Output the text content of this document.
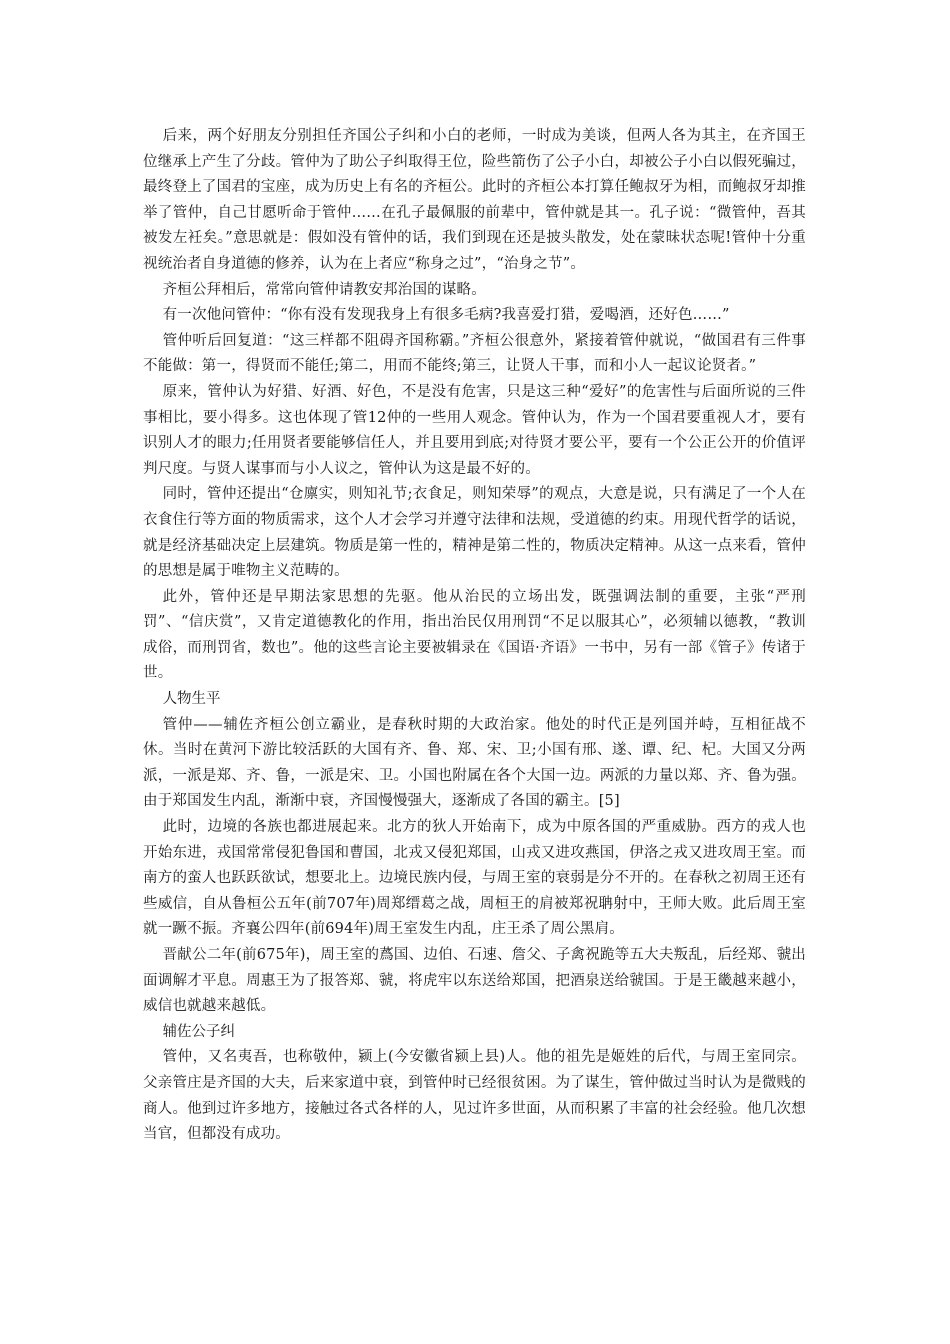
后来，两个好朋友分别担任齐国公子纠和小白的老师，一时成为美谈，但两人各为其主，在齐国王位继承上产生了分歧。管仲为了助公子纠取得王位，险些箭伤了公子小白，却被公子小白以假死骗过，最终登上了国君的宝座，成为历史上有名的齐桓公。此时的齐桓公本打算任鲍叔牙为相，而鲍叔牙却推举了管仲，自己甘愿听命于管仲……在孔子最佩服的前辈中，管仲就是其一。孔子说：“微管仲，吾其被发左衽矣。”意思就是：假如没有管仲的话，我们到现在还是披头散发，处在蒙昧状态呢!管仲十分重视统治者自身道德的修养，认为在上者应“称身之过”，“治身之节”。

齐桓公拜相后，常常向管仲请教安邦治国的谋略。

有一次他问管仲：“你有没有发现我身上有很多毛病?我喜爱打猎，爱喝酒，还好色……”

管仲听后回复道：“这三样都不阻碍齐国称霸。”齐桓公很意外，紧接着管仲就说，“做国君有三件事不能做：第一，得贤而不能任;第二，用而不能终;第三，让贤人干事，而和小人一起议论贤者。”

原来，管仲认为好猎、好酒、好色，不是没有危害，只是这三种“爱好”的危害性与后面所说的三件事相比，要小得多。这也体现了管12仲的一些用人观念。管仲认为，作为一个国君要重视人才，要有识别人才的眼力;任用贤者要能够信任人，并且要用到底;对待贤才要公平，要有一个公正公开的价值评判尺度。与贤人谋事而与小人议之，管仲认为这是最不好的。

同时，管仲还提出“仓廪实，则知礼节;衣食足，则知荣辱”的观点，大意是说，只有满足了一个人在衣食住行等方面的物质需求，这个人才会学习并遵守法律和法规，受道德的约束。用现代哲学的话说，就是经济基础决定上层建筑。物质是第一性的，精神是第二性的，物质决定精神。从这一点来看，管仲的思想是属于唯物主义范畴的。

此外，管仲还是早期法家思想的先驱。他从治民的立场出发，既强调法制的重要，主张“严刑罚”、“信庆赏”，又肯定道德教化的作用，指出治民仅用刑罚“不足以服其心”，必须辅以德教，“教训成俗，而刑罚省，数也”。他的这些言论主要被辑录在《国语·齐语》一书中，另有一部《管子》传诸于世。

人物生平

管仲——辅佐齐桓公创立霸业，是春秋时期的大政治家。他处的时代正是列国并峙，互相征战不休。当时在黄河下游比较活跃的大国有齐、鲁、郑、宋、卫;小国有邢、遂、谭、纪、杞。大国又分两派，一派是郑、齐、鲁，一派是宋、卫。小国也附属在各个大国一边。两派的力量以郑、齐、鲁为强。由于郑国发生内乱，渐渐中衰，齐国慢慢强大，逐渐成了各国的霸主。[5]

此时，边境的各族也都进展起来。北方的狄人开始南下，成为中原各国的严重威胁。西方的戎人也开始东进，戎国常常侵犯鲁国和曹国，北戎又侵犯郑国，山戎又进攻燕国，伊洛之戎又进攻周王室。而南方的蛮人也跃跃欲试，想要北上。边境民族内侵，与周王室的衰弱是分不开的。在春秋之初周王还有些威信，自从鲁桓公五年(前707年)周郑缙葛之战，周桓王的肩被郑祝聃射中，王师大败。此后周王室就一蹶不振。齐襄公四年(前694年)周王室发生内乱，庄王杀了周公黑肩。

晋献公二年(前675年)，周王室的蔿国、边伯、石速、詹父、子禽祝跪等五大夫叛乱，后经郑、虢出面调解才平息。周惠王为了报答郑、虢，将虎牢以东送给郑国，把酒泉送给虢国。于是王畿越来越小，威信也就越来越低。

辅佐公子纠

管仲，又名夷吾，也称敬仲，颍上(今安徽省颍上县)人。他的祖先是姬姓的后代，与周王室同宗。父亲管庄是齐国的大夫，后来家道中衰，到管仲时已经很贫困。为了谋生，管仲做过当时认为是微贱的商人。他到过许多地方，接触过各式各样的人，见过许多世面，从而积累了丰富的社会经验。他几次想当官，但都没有成功。
